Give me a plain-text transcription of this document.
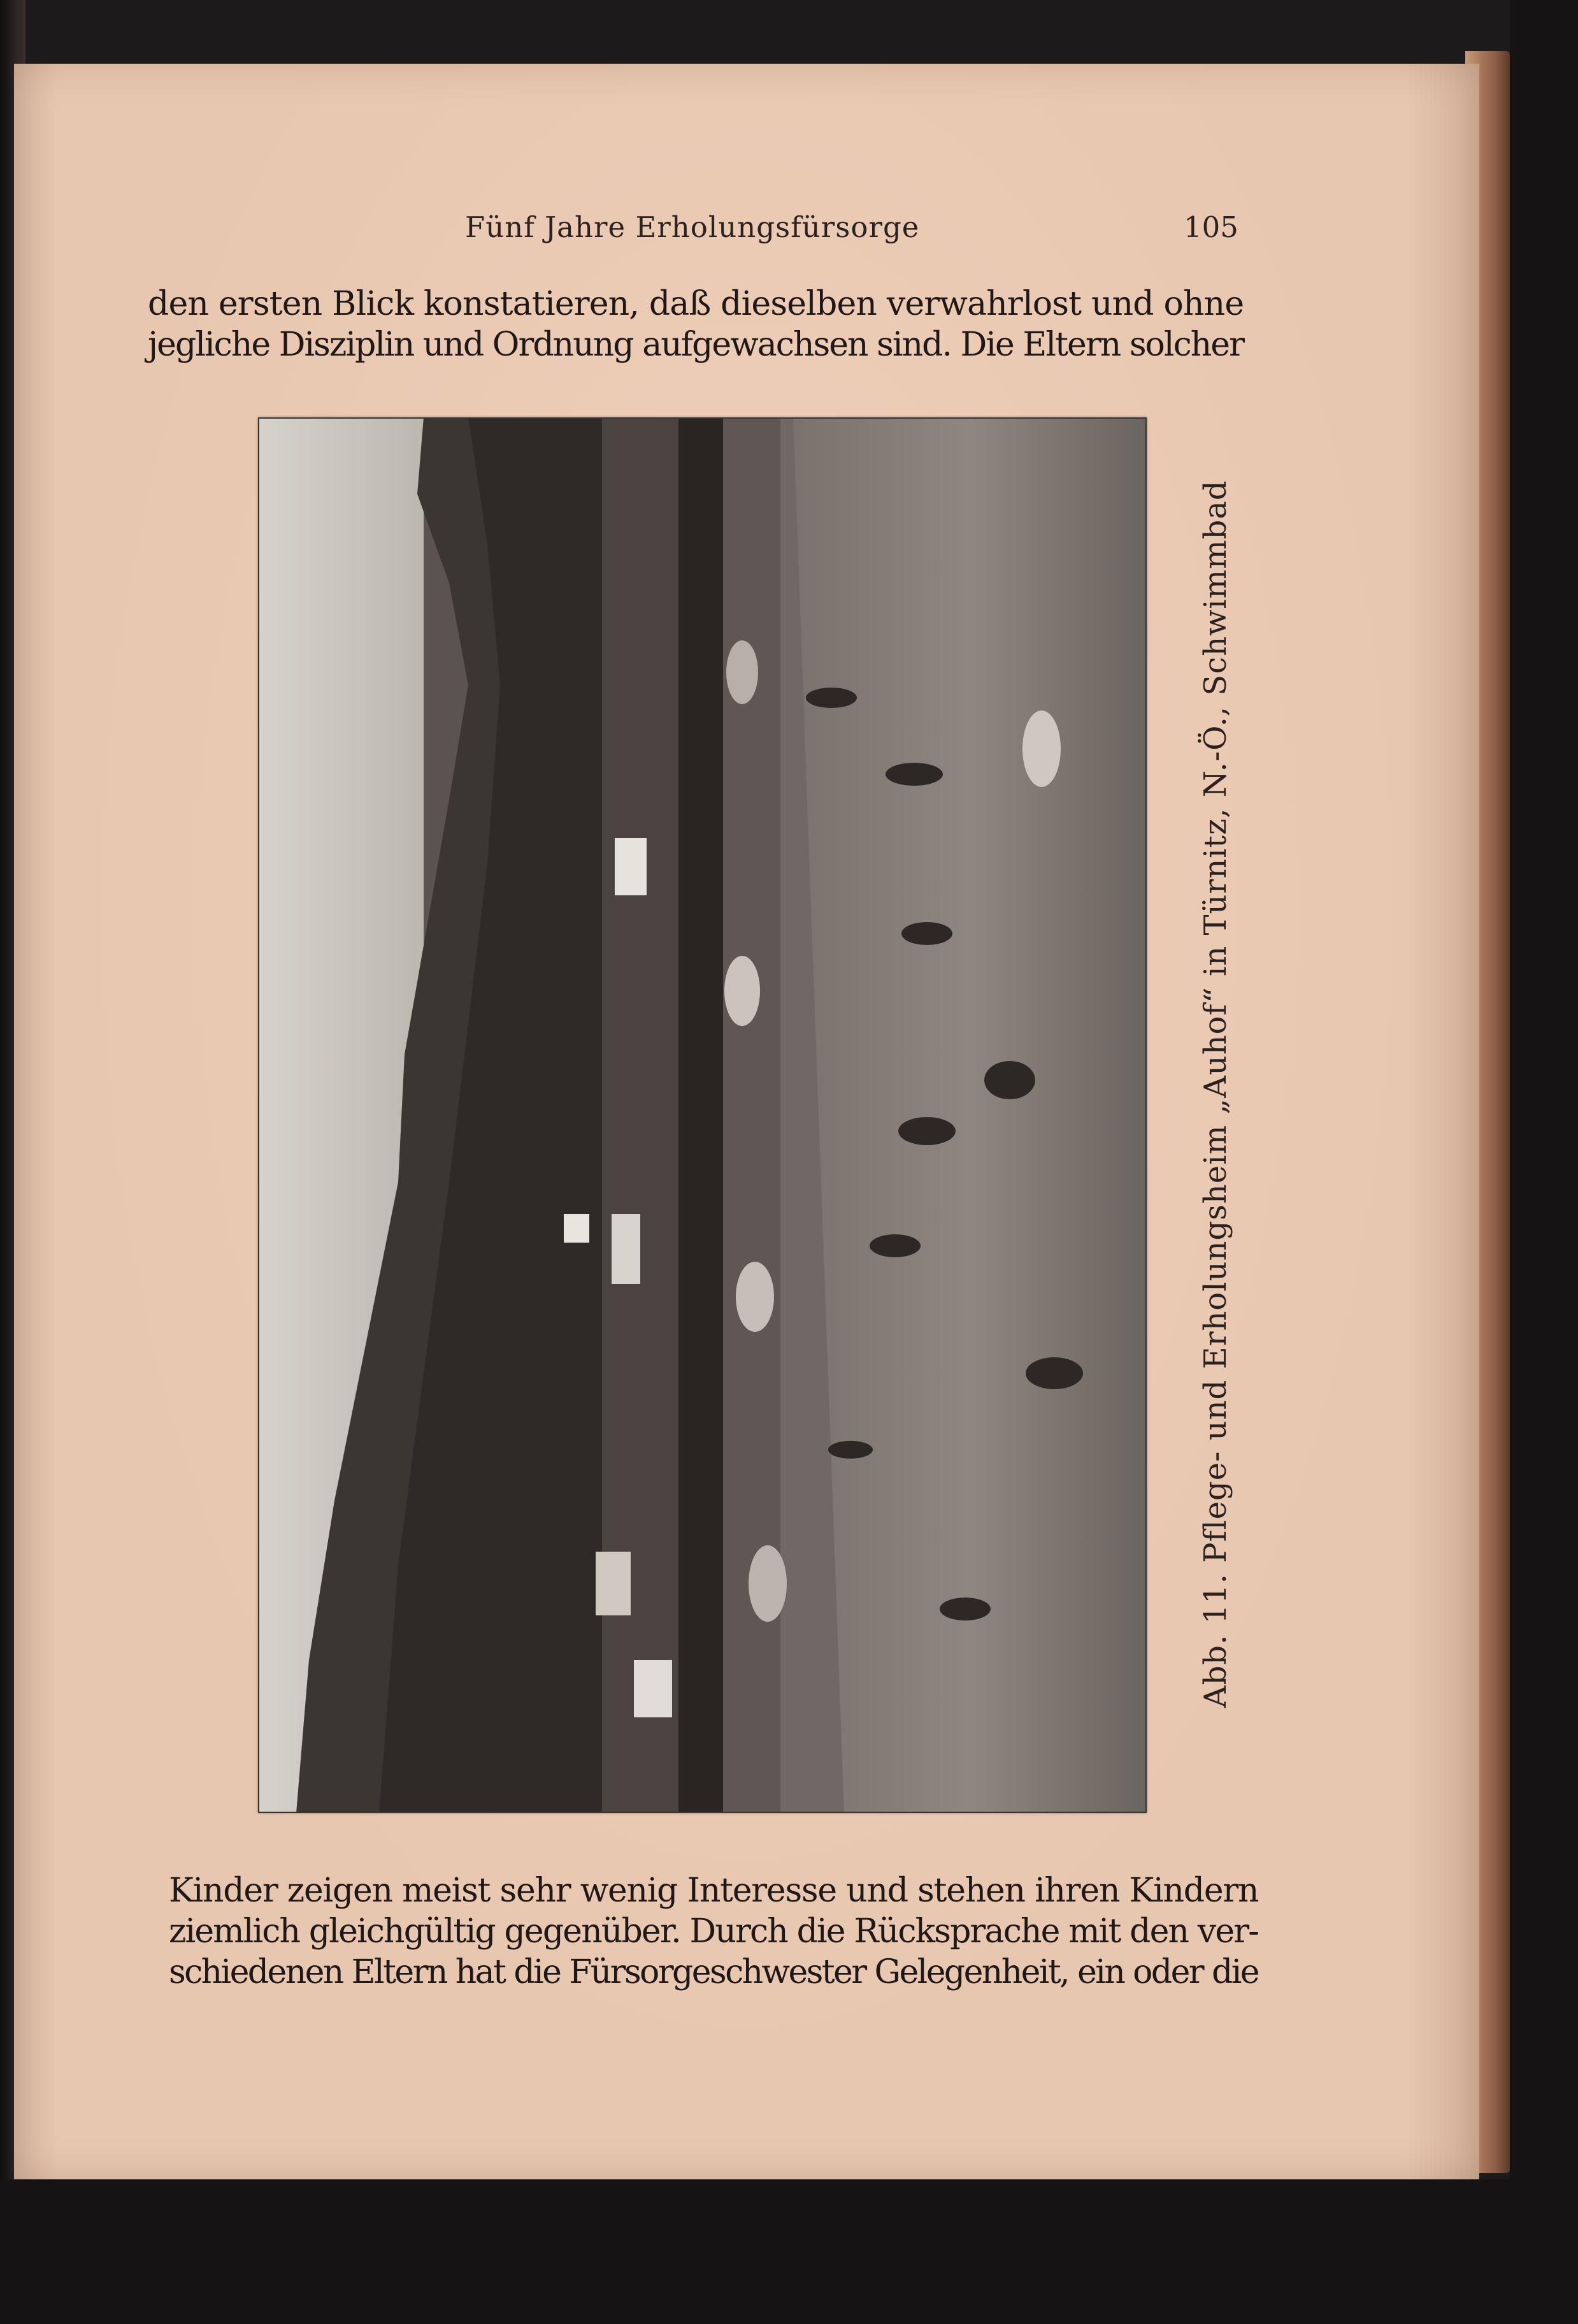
Fünf Jahre Erholungsfürsorge	105
den ersten Blick konstatieren, daß dieselben verwahrlost und ohne
jegliche Disziplin und Ordnung aufgewachsen sind. Die Eltern solcher
Abb. 11. Pflege- und Erholungsheim „Auhof“ in Türnitz, N.-Ö., Schwimmbad
Kinder zeigen meist sehr wenig Interesse und stehen ihren Kindern
ziemlich gleichgültig gegenüber. Durch die Rücksprache mit den ver-
schiedenen Eltern hat die Fürsorgeschwester Gelegenheit, ein oder die
